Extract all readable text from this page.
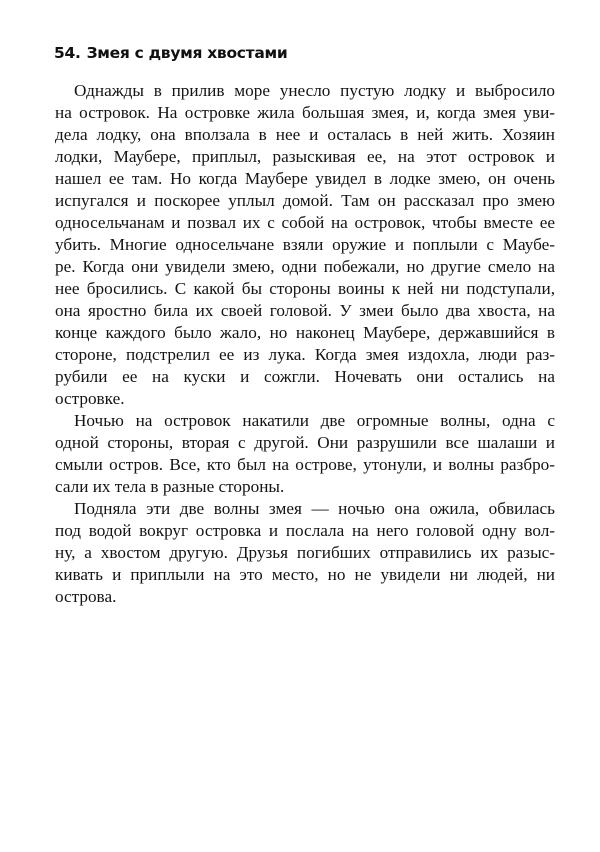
54. Змея с двумя хвостами
Однажды в прилив море унесло пустую лодку и выбросило
на островок. На островке жила большая змея, и, когда змея уви-
дела лодку, она вползала в нее и осталась в ней жить. Хозяин
лодки, Маубере, приплыл, разыскивая ее, на этот островок и
нашел ее там. Но когда Маубере увидел в лодке змею, он очень
испугался и поскорее уплыл домой. Там он рассказал про змею
односельчанам и позвал их с собой на островок, чтобы вместе ее
убить. Многие односельчане взяли оружие и поплыли с Маубе-
ре. Когда они увидели змею, одни побежали, но другие смело на
нее бросились. С какой бы стороны воины к ней ни подступали,
она яростно била их своей головой. У змеи было два хвоста, на
конце каждого было жало, но наконец Маубере, державшийся в
стороне, подстрелил ее из лука. Когда змея издохла, люди раз-
рубили ее на куски и сожгли. Ночевать они остались на
островке.
Ночью на островок накатили две огромные волны, одна с
одной стороны, вторая с другой. Они разрушили все шалаши и
смыли остров. Все, кто был на острове, утонули, и волны разбро-
сали их тела в разные стороны.
Подняла эти две волны змея — ночью она ожила, обвилась
под водой вокруг островка и послала на него головой одну вол-
ну, а хвостом другую. Друзья погибших отправились их разыс-
кивать и приплыли на это место, но не увидели ни людей, ни
острова.
